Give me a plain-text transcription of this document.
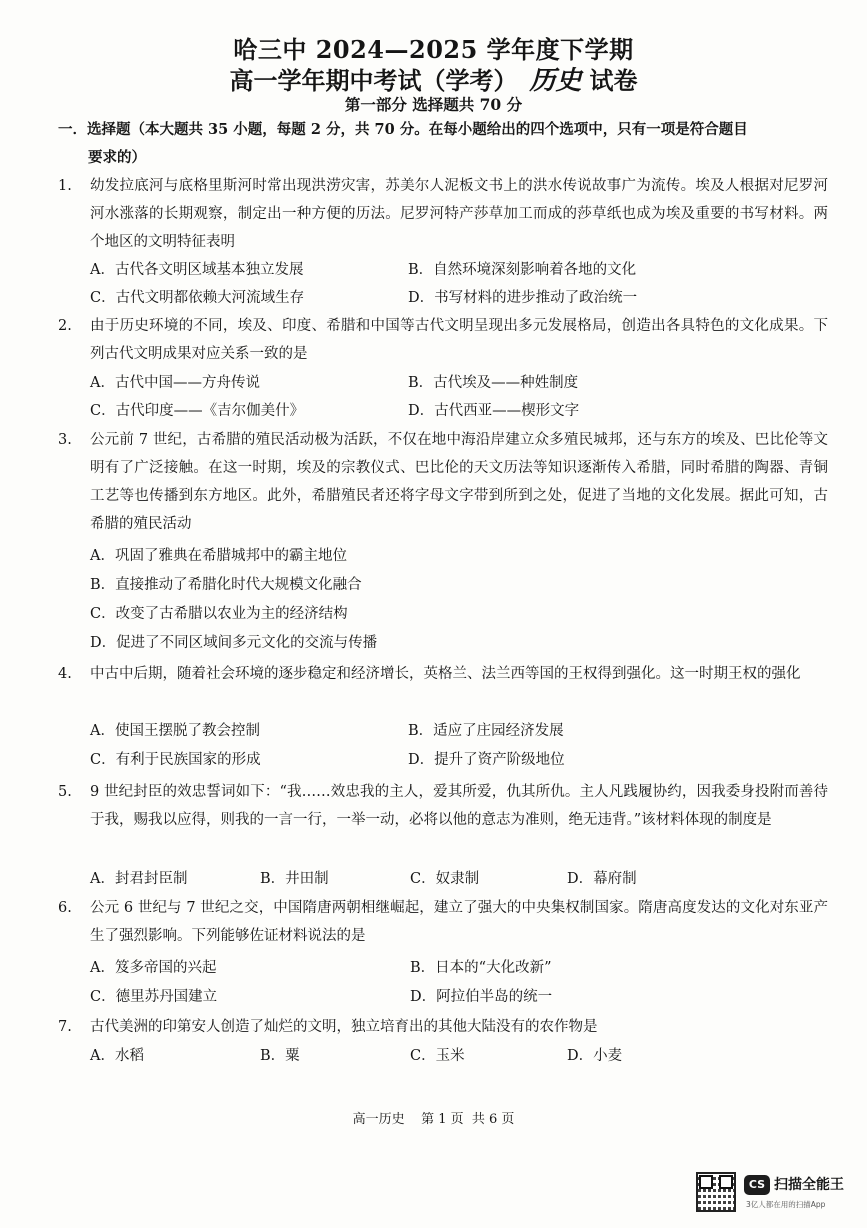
哈三中 2024—2025 学年度下学期
高一学年期中考试（学考） 历史 试卷
第一部分 选择题共 70 分
一．选择题（本大题共 35 小题，每题 2 分，共 70 分。在每小题给出的四个选项中，只有一项是符合题目
要求的）
1.	幼发拉底河与底格里斯河时常出现洪涝灾害，苏美尔人泥板文书上的洪水传说故事广为流传。埃及人根据对尼罗河河水涨落的长期观察，制定出一种方便的历法。尼罗河特产莎草加工而成的莎草纸也成为埃及重要的书写材料。两个地区的文明特征表明
A．古代各文明区域基本独立发展	B．自然环境深刻影响着各地的文化
C．古代文明都依赖大河流域生存	D．书写材料的进步推动了政治统一
2.	由于历史环境的不同，埃及、印度、希腊和中国等古代文明呈现出多元发展格局，创造出各具特色的文化成果。下列古代文明成果对应关系一致的是
A．古代中国——方舟传说	B．古代埃及——种姓制度
C．古代印度——《吉尔伽美什》	D．古代西亚——楔形文字
3.	公元前 7 世纪，古希腊的殖民活动极为活跃，不仅在地中海沿岸建立众多殖民城邦，还与东方的埃及、巴比伦等文明有了广泛接触。在这一时期，埃及的宗教仪式、巴比伦的天文历法等知识逐渐传入希腊，同时希腊的陶器、青铜工艺等也传播到东方地区。此外，希腊殖民者还将字母文字带到所到之处，促进了当地的文化发展。据此可知，古希腊的殖民活动
A．巩固了雅典在希腊城邦中的霸主地位
B．直接推动了希腊化时代大规模文化融合
C．改变了古希腊以农业为主的经济结构
D．促进了不同区域间多元文化的交流与传播
4.	中古中后期，随着社会环境的逐步稳定和经济增长，英格兰、法兰西等国的王权得到强化。这一时期王权的强化
A．使国王摆脱了教会控制	B．适应了庄园经济发展
C．有利于民族国家的形成	D．提升了资产阶级地位
5.	9 世纪封臣的效忠誓词如下：“我……效忠我的主人，爱其所爱，仇其所仇。主人凡践履协约，因我委身投附而善待于我，赐我以应得，则我的一言一行，一举一动，必将以他的意志为准则，绝无违背。”该材料体现的制度是
A．封君封臣制	B．井田制	C．奴隶制	D．幕府制
6.	公元 6 世纪与 7 世纪之交，中国隋唐两朝相继崛起，建立了强大的中央集权制国家。隋唐高度发达的文化对东亚产生了强烈影响。下列能够佐证材料说法的是
A．笈多帝国的兴起	B．日本的“大化改新”
C．德里苏丹国建立	D．阿拉伯半岛的统一
7.	古代美洲的印第安人创造了灿烂的文明，独立培育出的其他大陆没有的农作物是
A．水稻	B．粟	C．玉米	D．小麦
高一历史    第 1 页  共 6 页
CS 扫描全能王
3亿人都在用的扫描App
